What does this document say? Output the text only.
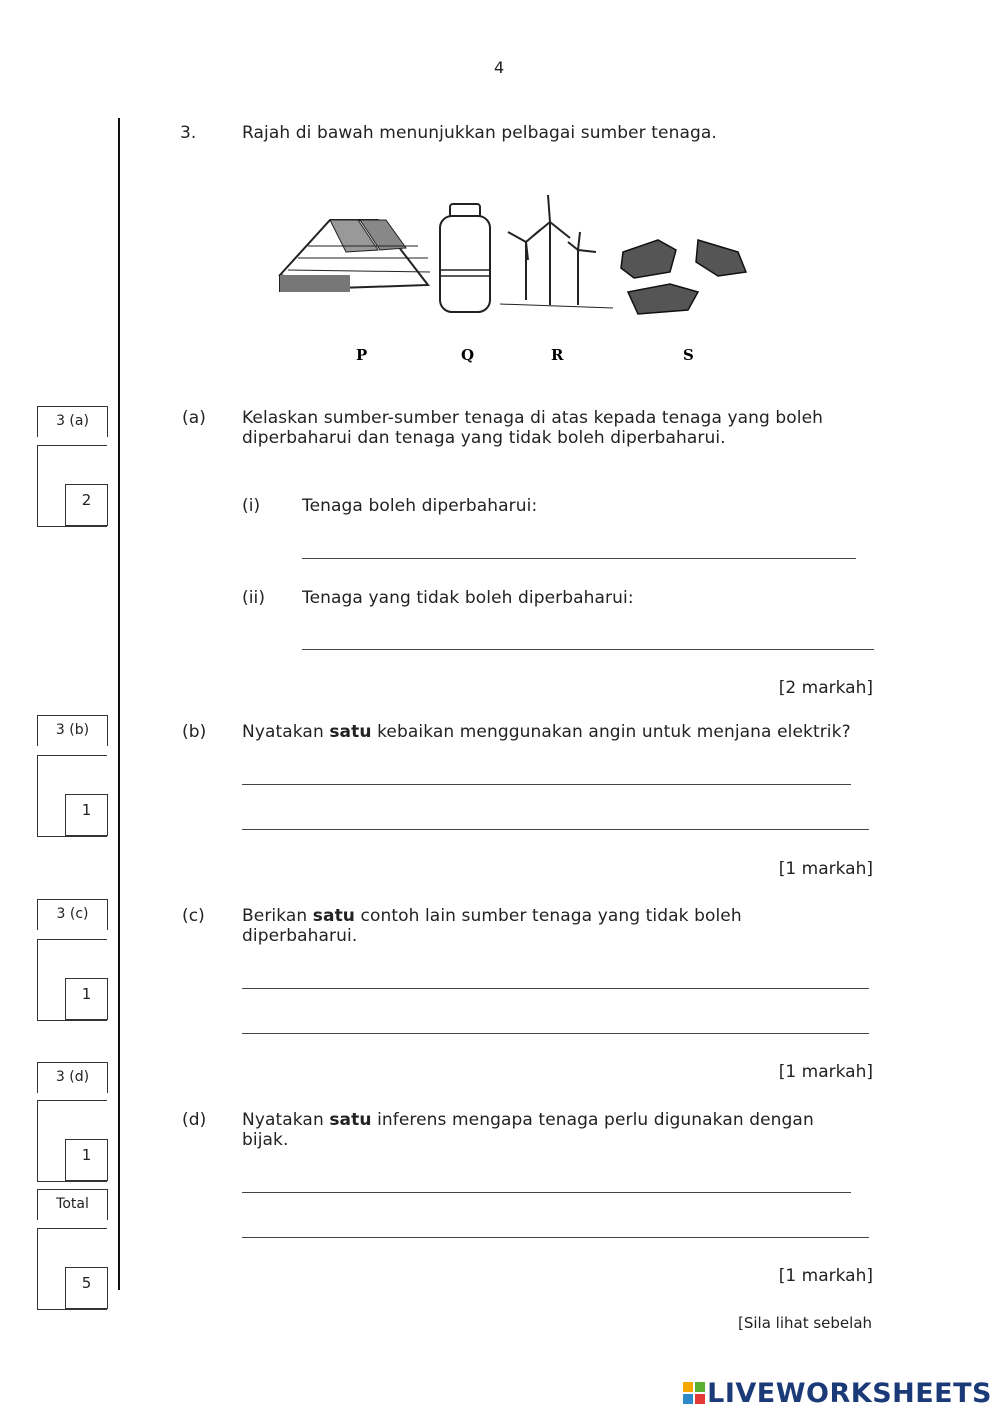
4
3.	Rajah di bawah menunjukkan pelbagai sumber tenaga.
P	Q	R	S
(a) Kelaskan sumber-sumber tenaga di atas kepada tenaga yang boleh diperbaharui dan tenaga yang tidak boleh diperbaharui.
(i) Tenaga boleh diperbaharui:
(ii) Tenaga yang tidak boleh diperbaharui:
[2 markah]
(b) Nyatakan satu kebaikan menggunakan angin untuk menjana elektrik?
[1 markah]
(c) Berikan satu contoh lain sumber tenaga yang tidak boleh diperbaharui.
[1 markah]
(d) Nyatakan satu inferens mengapa tenaga perlu digunakan dengan bijak.
[1 markah]
3 (a)
2
3 (b)
1
3 (c)
1
3 (d)
1
Total
5
[Sila lihat sebelah
LIVEWORKSHEETS
